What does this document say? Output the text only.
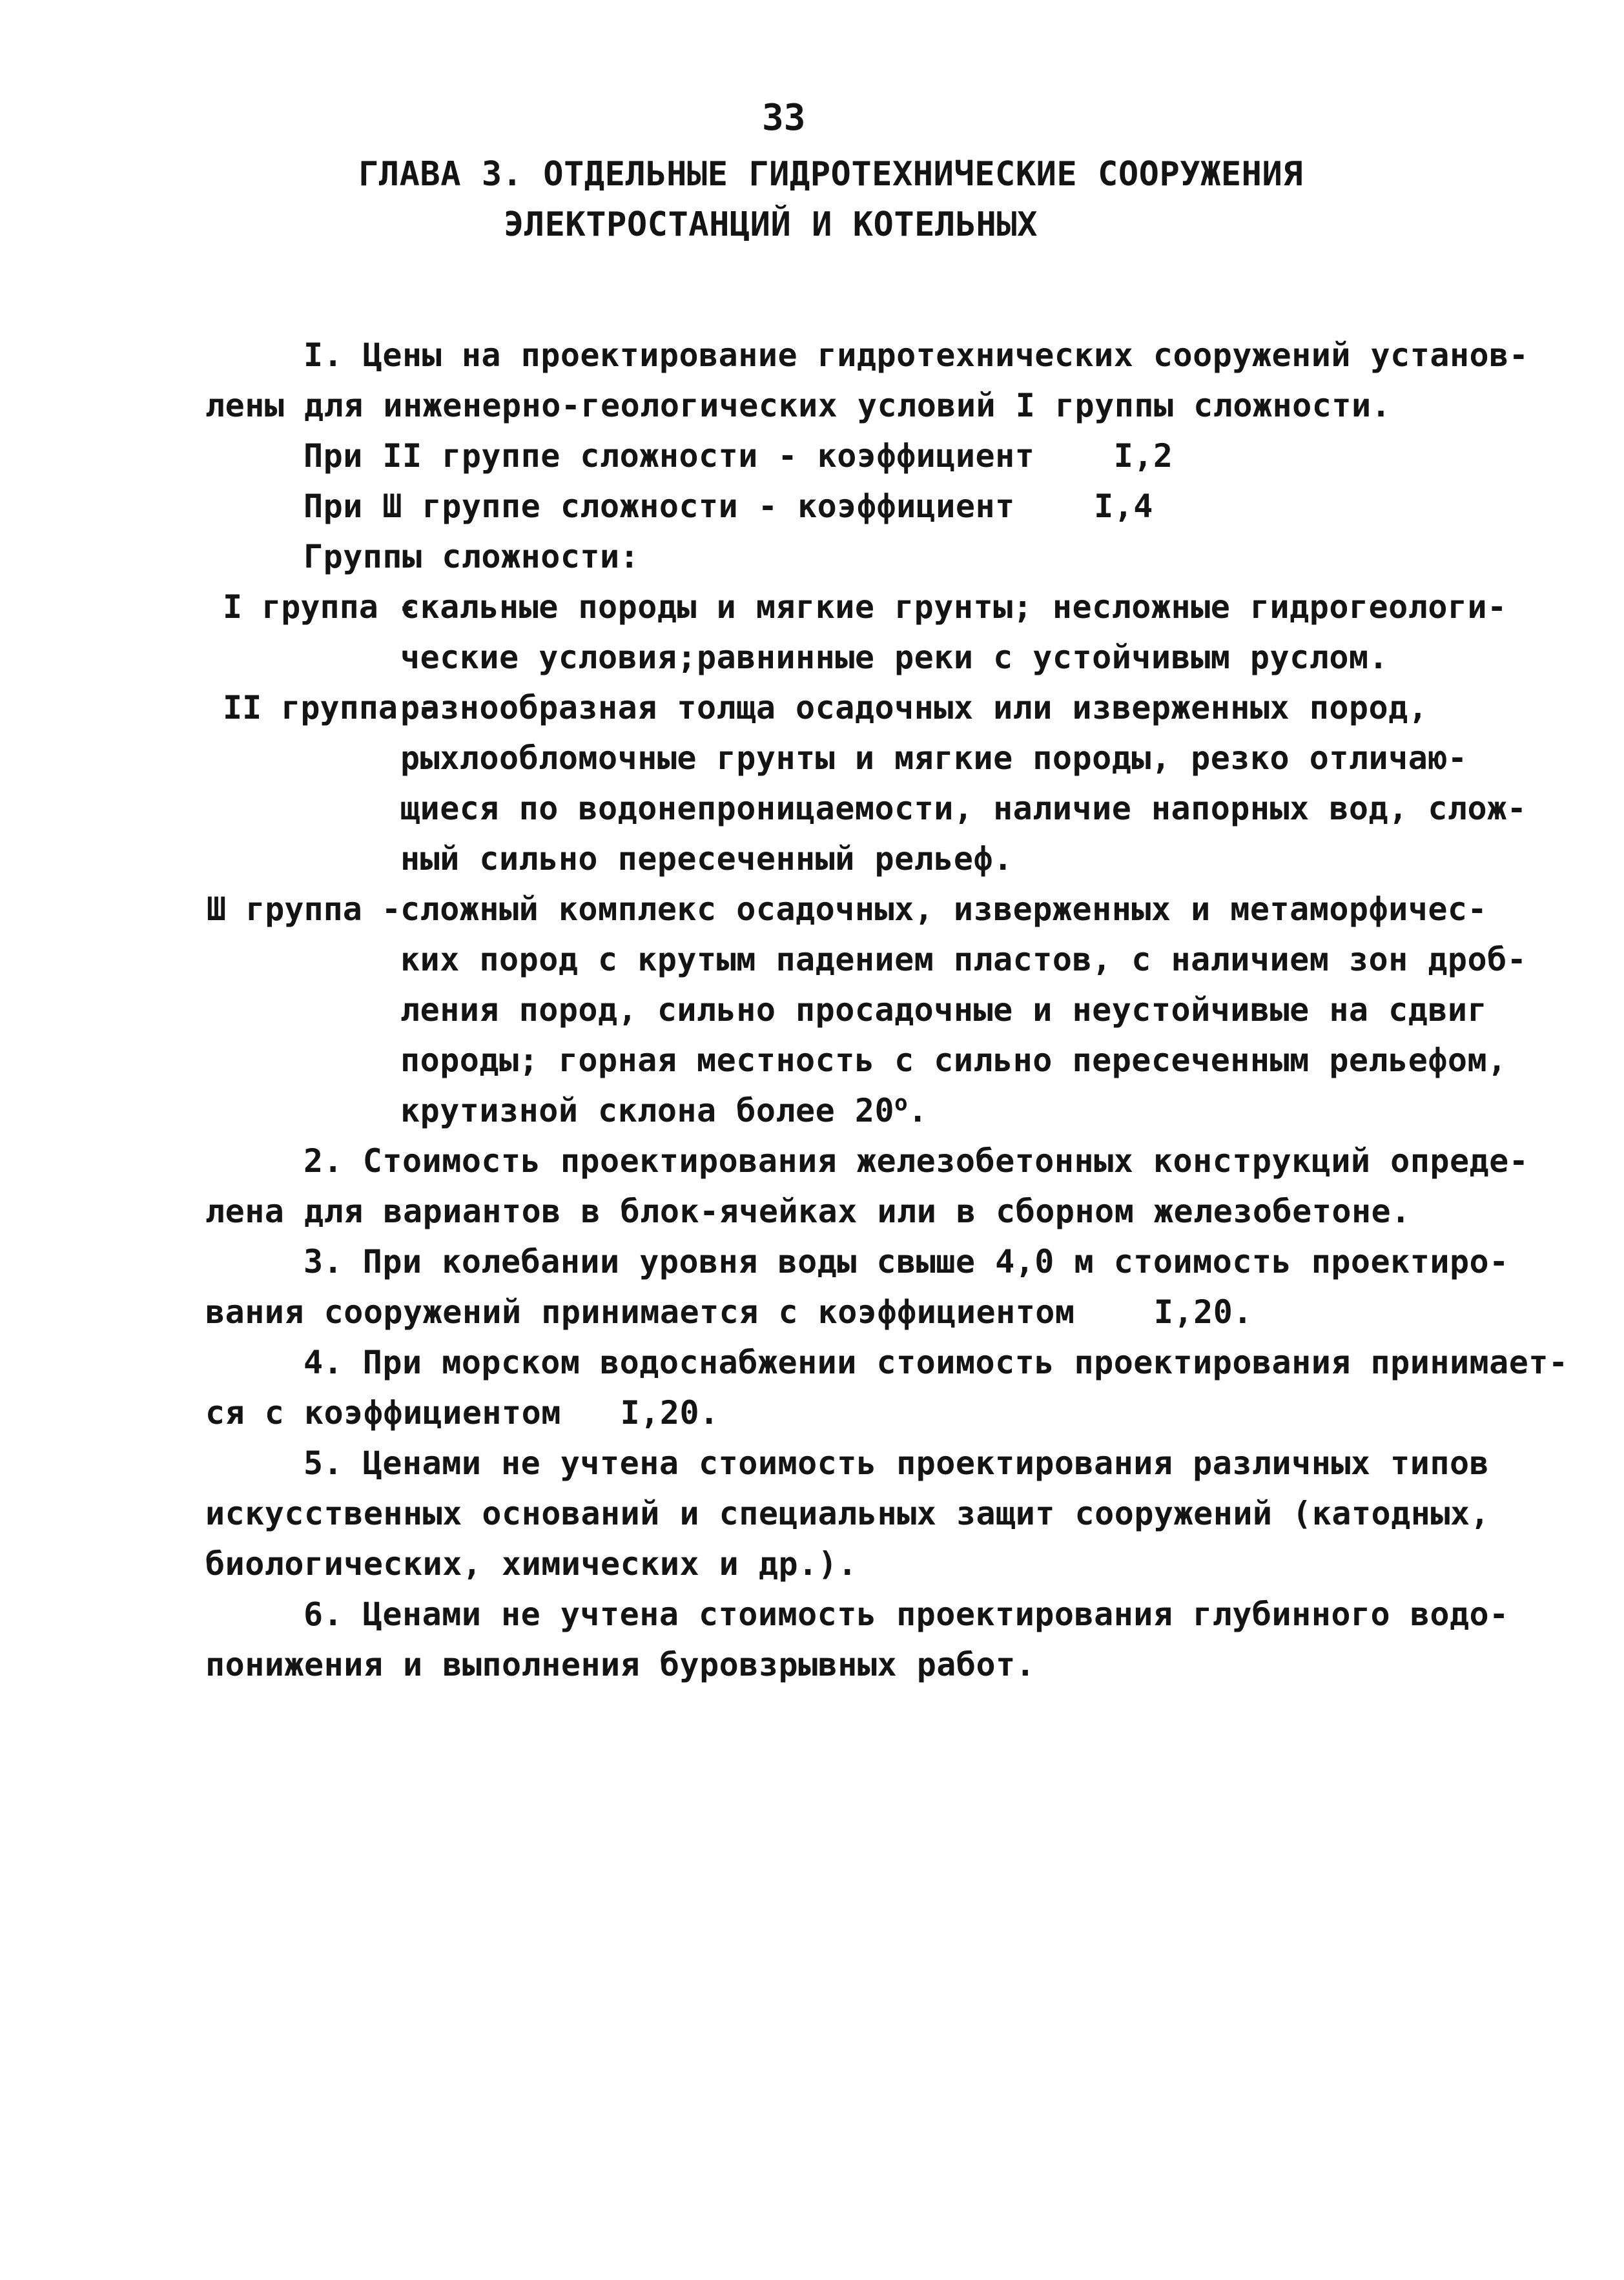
33
ГЛАВА 3. ОТДЕЛЬНЫЕ ГИДРОТЕХНИЧЕСКИЕ СООРУЖЕНИЯ
ЭЛЕКТРОСТАНЦИЙ И КОТЕЛЬНЫХ
I. Цены на проектирование гидротехнических сооружений установ-
лены для инженерно-геологических условий I группы сложности.
При II группе сложности - коэффициент    I,2
При Ш группе сложности - коэффициент    I,4
Группы сложности:
I группа -
скальные породы и мягкие грунты; несложные гидрогеологи-
ческие условия;равнинные реки с устойчивым руслом.
II группа -
разнообразная толща осадочных или изверженных пород,
рыхлообломочные грунты и мягкие породы, резко отличаю-
щиеся по водонепроницаемости, наличие напорных вод, слож-
ный сильно пересеченный рельеф.
Ш группа -
сложный комплекс осадочных, изверженных и метаморфичес-
ких пород с крутым падением пластов, с наличием зон дроб-
ления пород, сильно просадочные и неустойчивые на сдвиг
породы; горная местность с сильно пересеченным рельефом,
крутизной склона более $20^о$.
2. Стоимость проектирования железобетонных конструкций опреде-
лена для вариантов в блок-ячейках или в сборном железобетоне.
3. При колебании уровня воды свыше 4,0 м стоимость проектиро-
вания сооружений принимается с коэффициентом    I,20.
4. При морском водоснабжении стоимость проектирования принимает-
ся с коэффициентом   I,20.
5. Ценами не учтена стоимость проектирования различных типов
искусственных оснований и специальных защит сооружений (катодных,
биологических, химических и др.).
6. Ценами не учтена стоимость проектирования глубинного водо-
понижения и выполнения буровзрывных работ.
